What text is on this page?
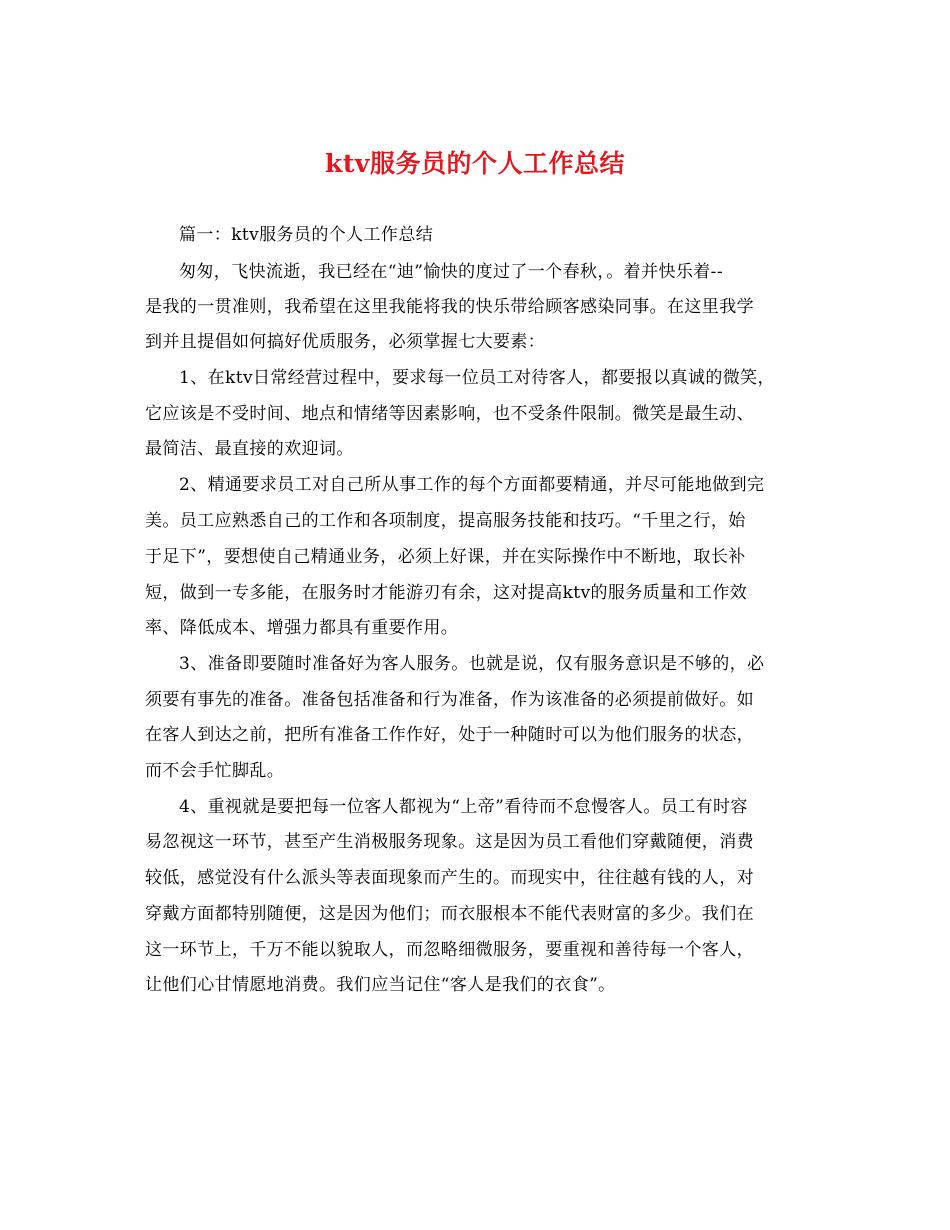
ktv服务员的个人工作总结
篇一：ktv服务员的个人工作总结
匆匆，飞快流逝，我已经在“迪”愉快的度过了一个春秋，。着并快乐着--
是我的一贯准则，我希望在这里我能将我的快乐带给顾客感染同事。在这里我学
到并且提倡如何搞好优质服务，必须掌握七大要素：
1、在ktv日常经营过程中，要求每一位员工对待客人，都要报以真诚的微笑，
它应该是不受时间、地点和情绪等因素影响，也不受条件限制。微笑是最生动、
最简洁、最直接的欢迎词。
2、精通要求员工对自己所从事工作的每个方面都要精通，并尽可能地做到完
美。员工应熟悉自己的工作和各项制度，提高服务技能和技巧。“千里之行，始
于足下”，要想使自己精通业务，必须上好课，并在实际操作中不断地，取长补
短，做到一专多能，在服务时才能游刃有余，这对提高ktv的服务质量和工作效
率、降低成本、增强力都具有重要作用。
3、准备即要随时准备好为客人服务。也就是说，仅有服务意识是不够的，必
须要有事先的准备。准备包括准备和行为准备，作为该准备的必须提前做好。如
在客人到达之前，把所有准备工作作好，处于一种随时可以为他们服务的状态，
而不会手忙脚乱。
4、重视就是要把每一位客人都视为“上帝”看待而不怠慢客人。员工有时容
易忽视这一环节，甚至产生消极服务现象。这是因为员工看他们穿戴随便，消费
较低，感觉没有什么派头等表面现象而产生的。而现实中，往往越有钱的人，对
穿戴方面都特别随便，这是因为他们；而衣服根本不能代表财富的多少。我们在
这一环节上，千万不能以貌取人，而忽略细微服务，要重视和善待每一个客人，
让他们心甘情愿地消费。我们应当记住“客人是我们的衣食”。
